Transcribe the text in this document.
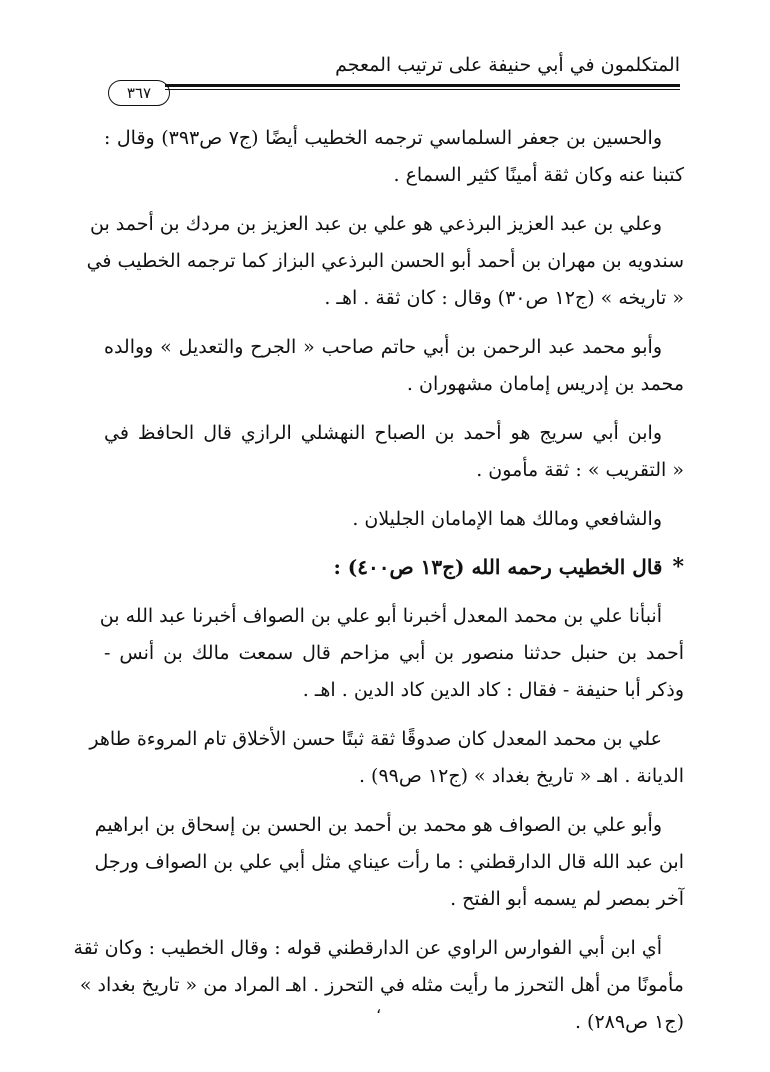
المتكلمون في أبي حنيفة على ترتيب المعجم
٣٦٧
والحسين بن جعفر السلماسي ترجمه الخطيب أيضًا (ج٧ ص٣٩٣) وقال :
كتبنا عنه وكان ثقة أمينًا كثير السماع .
وعلي بن عبد العزيز البرذعي هو علي بن عبد العزيز بن مردك بن أحمد بن
سندويه بن مهران بن أحمد أبو الحسن البرذعي البزاز كما ترجمه الخطيب في
« تاريخه » (ج١٢ ص٣٠) وقال : كان ثقة . اهـ .
وأبو محمد عبد الرحمن بن أبي حاتم صاحب « الجرح والتعديل » ووالده
محمد بن إدريس إمامان مشهوران .
وابن أبي سريج هو أحمد بن الصباح النهشلي الرازي قال الحافظ في
« التقريب » : ثقة مأمون .
والشافعي ومالك هما الإمامان الجليلان .
*قال الخطيب رحمه الله (ج١٣ ص٤٠٠) :
أنبأنا علي بن محمد المعدل أخبرنا أبو علي بن الصواف أخبرنا عبد الله بن
أحمد بن حنبل حدثنا منصور بن أبي مزاحم قال سمعت مالك بن أنس -
وذكر أبا حنيفة - فقال : كاد الدين كاد الدين . اهـ .
علي بن محمد المعدل كان صدوقًا ثقة ثبتًا حسن الأخلاق تام المروءة طاهر
الديانة . اهـ « تاريخ بغداد » (ج١٢ ص٩٩) .
وأبو علي بن الصواف هو محمد بن أحمد بن الحسن بن إسحاق بن ابراهيم
ابن عبد الله قال الدارقطني : ما رأت عيناي مثل أبي علي بن الصواف ورجل
آخر بمصر لم يسمه أبو الفتح .
أي ابن أبي الفوارس الراوي عن الدارقطني قوله : وقال الخطيب : وكان ثقة
مأمونًا من أهل التحرز ما رأيت مثله في التحرز . اهـ المراد من « تاريخ بغداد »
(ج١ ص٢٨٩) .
،
